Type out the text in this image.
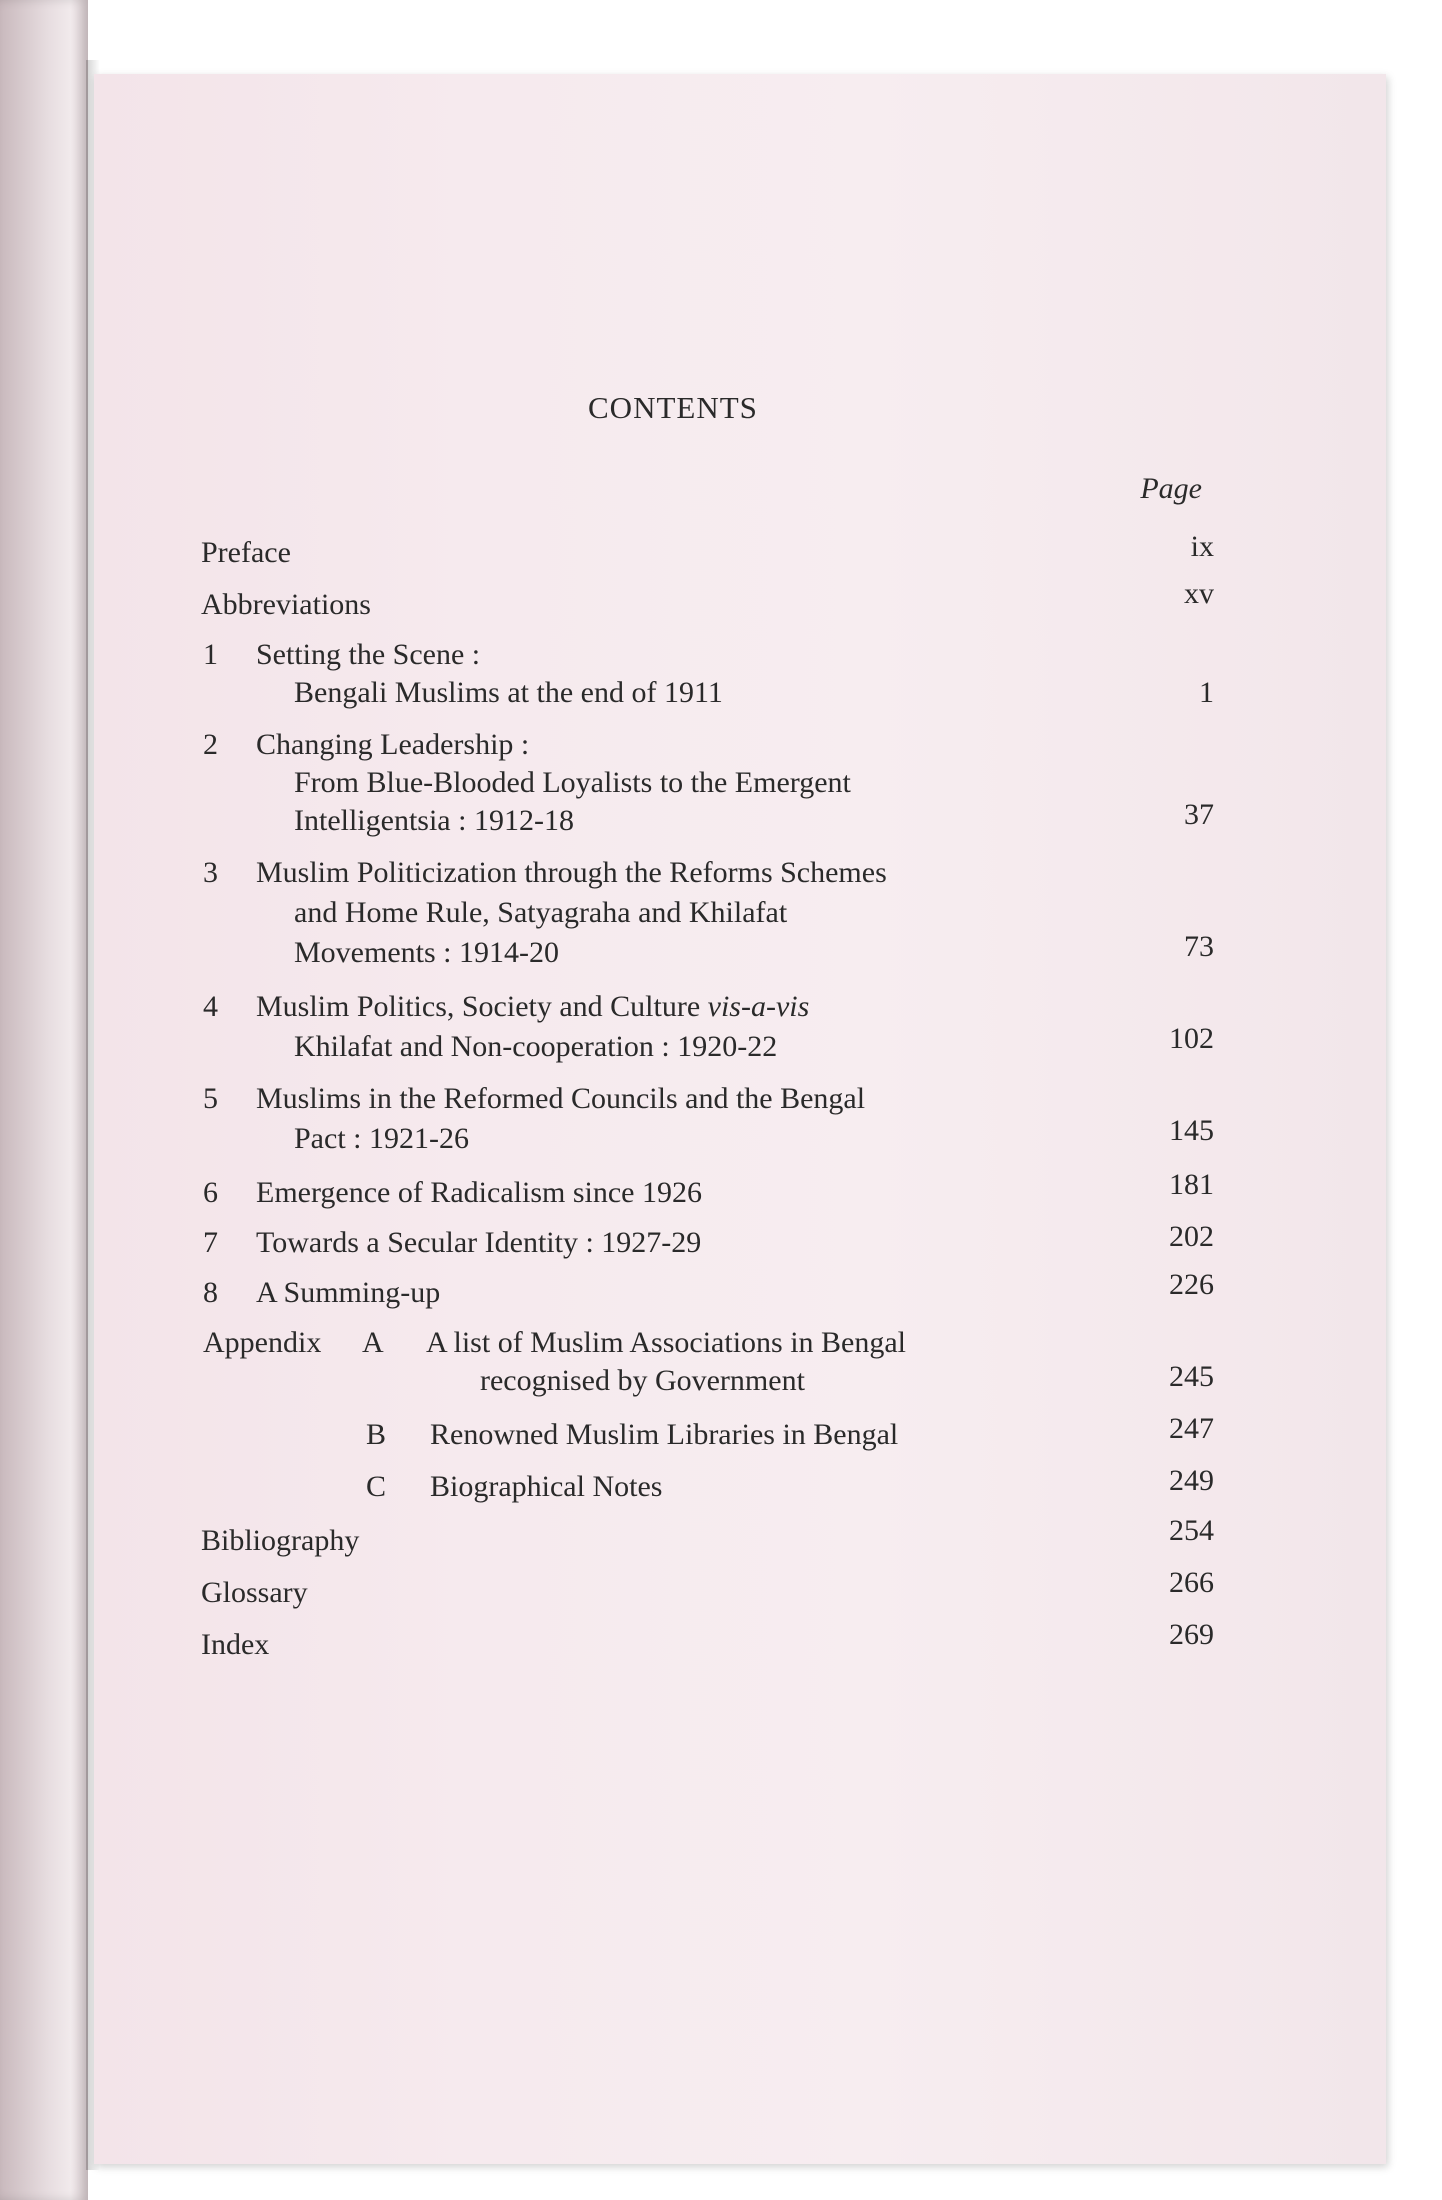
CONTENTS
Page
Preface	ix
Abbreviations	xv
1 Setting the Scene :
Bengali Muslims at the end of 1911	1
2 Changing Leadership :
From Blue-Blooded Loyalists to the Emergent
Intelligentsia : 1912-18	37
3 Muslim Politicization through the Reforms Schemes
and Home Rule, Satyagraha and Khilafat
Movements : 1914-20	73
4 Muslim Politics, Society and Culture vis-a-vis
Khilafat and Non-cooperation : 1920-22	102
5 Muslims in the Reformed Councils and the Bengal
Pact : 1921-26	145
6 Emergence of Radicalism since 1926	181
7 Towards a Secular Identity : 1927-29	202
8 A Summing-up	226
Appendix A A list of Muslim Associations in Bengal
recognised by Government	245
B Renowned Muslim Libraries in Bengal	247
C Biographical Notes	249
Bibliography	254
Glossary	266
Index	269
